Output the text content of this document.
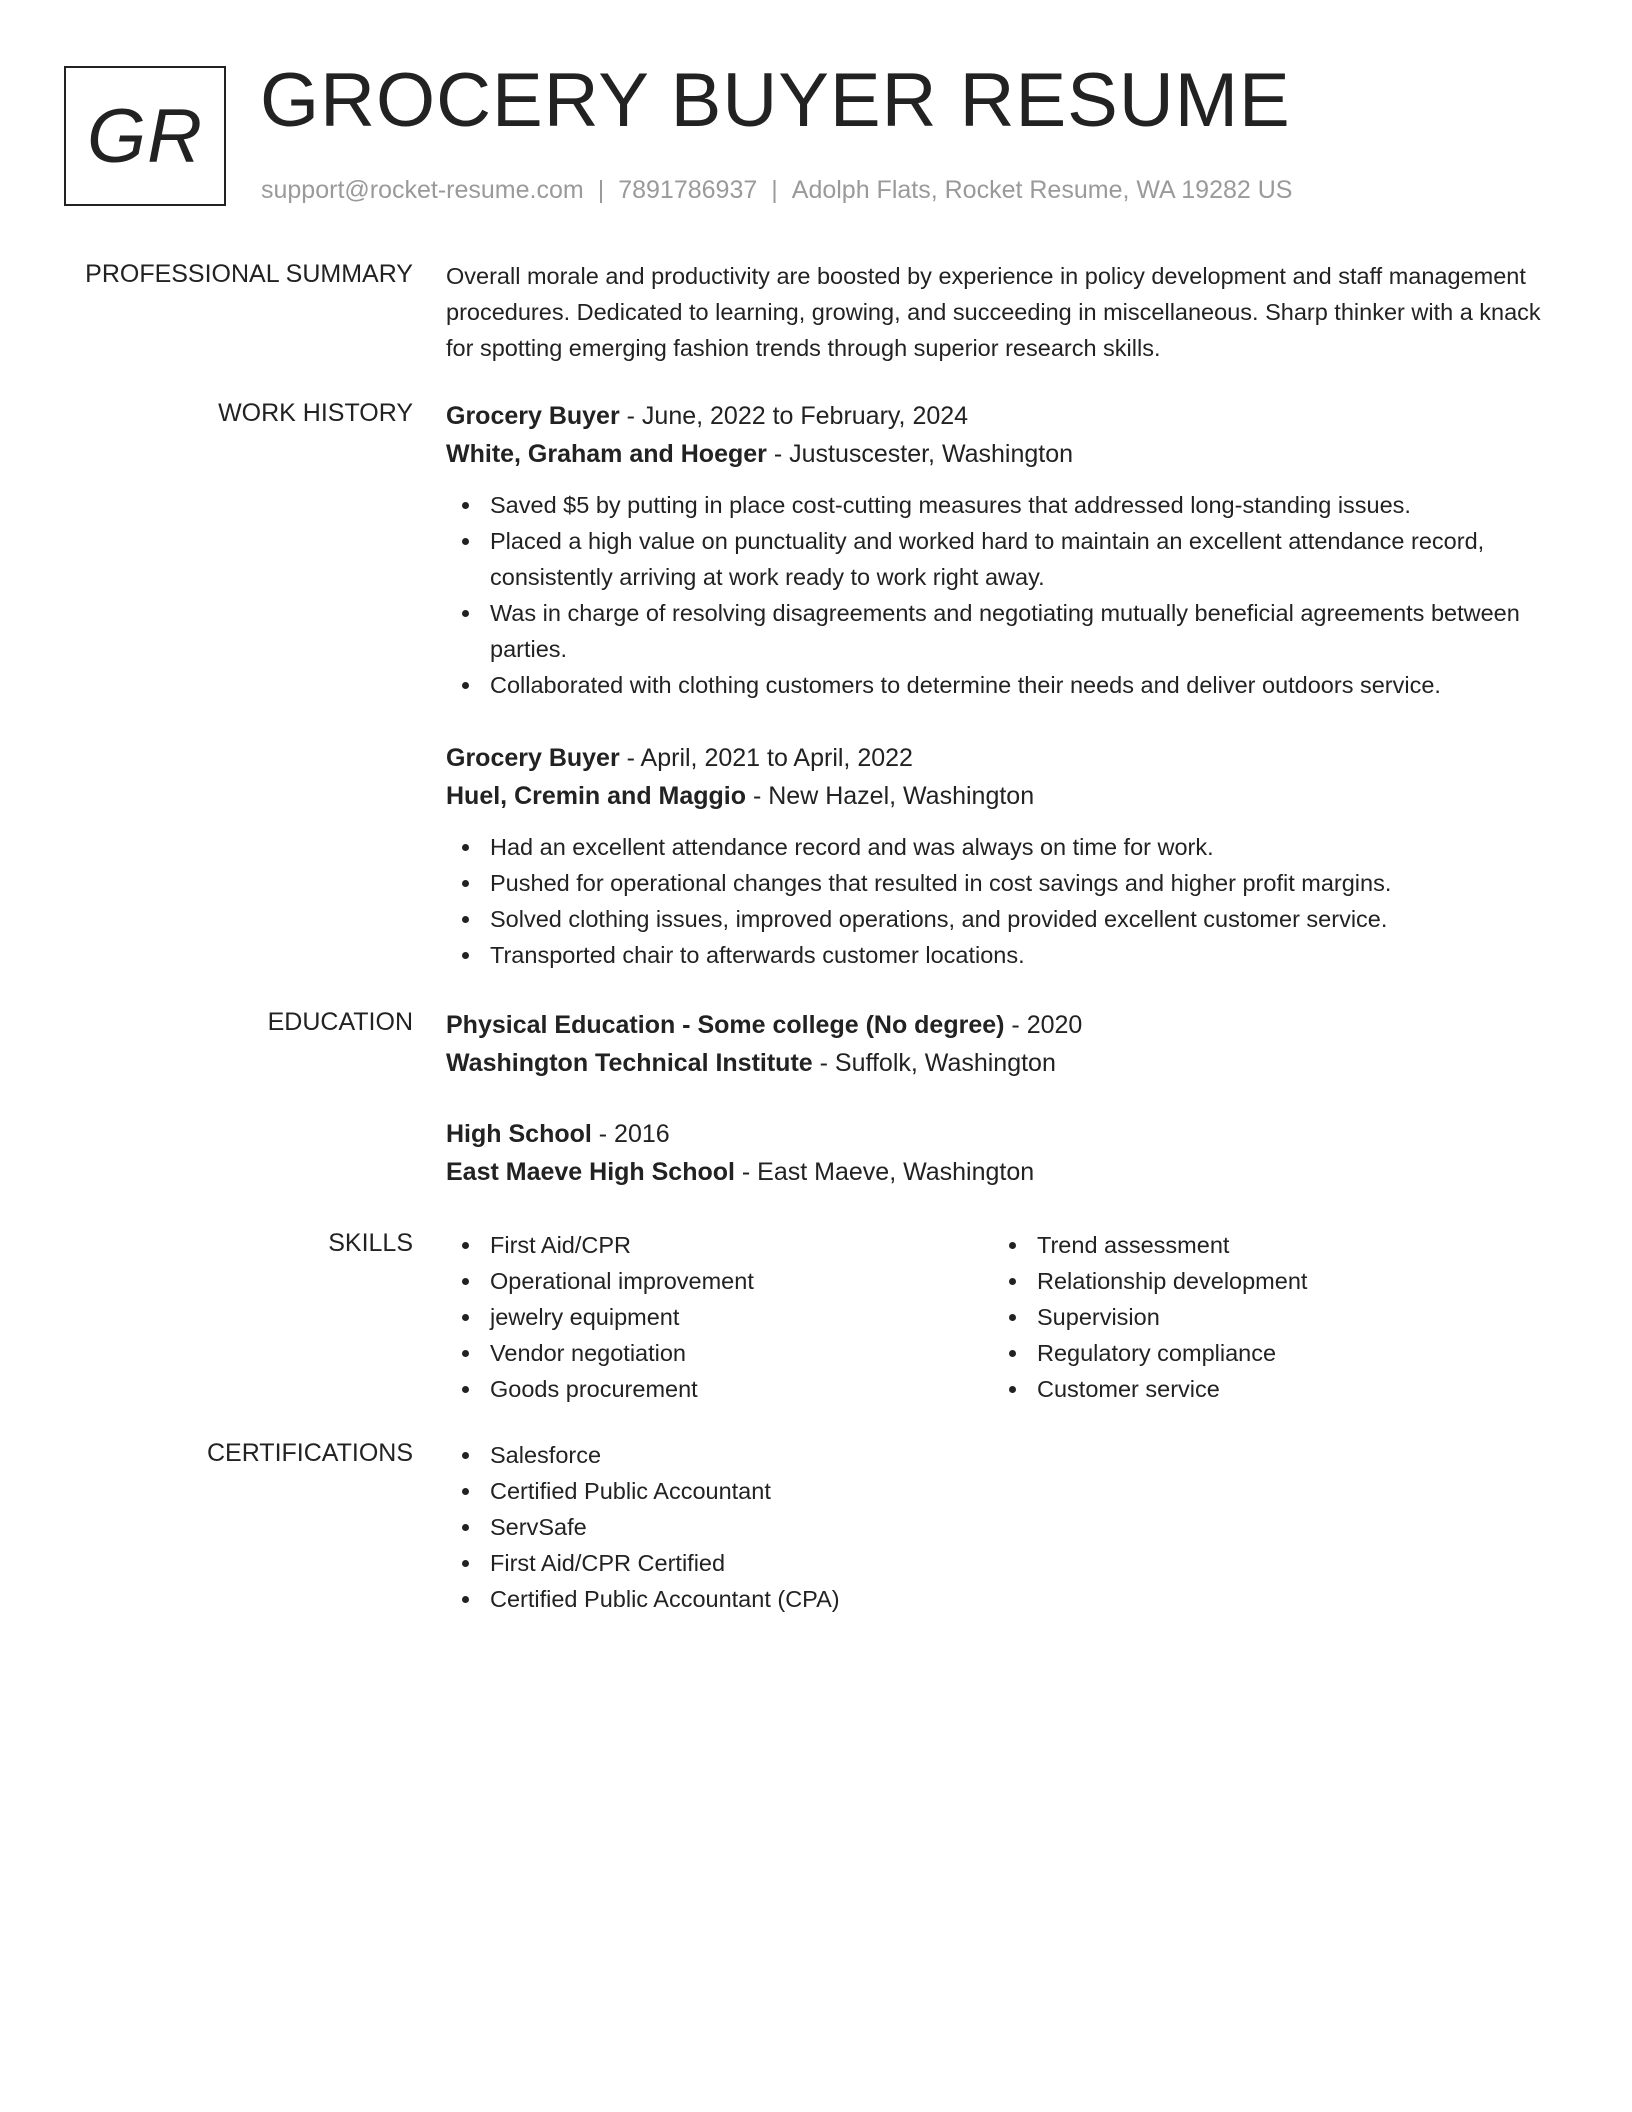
GR GROCERY BUYER RESUME
support@rocket-resume.com | 7891786937 | Adolph Flats, Rocket Resume, WA 19282 US
PROFESSIONAL SUMMARY Overall morale and productivity are boosted by experience in policy development and staff management procedures. Dedicated to learning, growing, and succeeding in miscellaneous. Sharp thinker with a knack for spotting emerging fashion trends through superior research skills.

WORK HISTORY Grocery Buyer - June, 2022 to February, 2024

White, Graham and Hoeger - Justuscester, Washington

Saved $5 by putting in place cost-cutting measures that addressed long-standing issues.
Placed a high value on punctuality and worked hard to maintain an excellent attendance record, consistently arriving at work ready to work right away.
Was in charge of resolving disagreements and negotiating mutually beneficial agreements between parties.
Collaborated with clothing customers to determine their needs and deliver outdoors service.

Grocery Buyer - April, 2021 to April, 2022

Huel, Cremin and Maggio - New Hazel, Washington

Had an excellent attendance record and was always on time for work.
Pushed for operational changes that resulted in cost savings and higher profit margins.
Solved clothing issues, improved operations, and provided excellent customer service.
Transported chair to afterwards customer locations.
EDUCATION Physical Education - Some college (No degree) - 2020

Washington Technical Institute - Suffolk, Washington

High School - 2016

East Maeve High School - East Maeve, Washington

SKILLS	First Aid/CPR
Operational improvement
jewelry equipment
Vendor negotiation
Goods procurement
Trend assessment
Relationship development
Supervision
Regulatory compliance
Customer service
CERTIFICATIONS	Salesforce
Certified Public Accountant
ServSafe
First Aid/CPR Certified
Certified Public Accountant (CPA)
